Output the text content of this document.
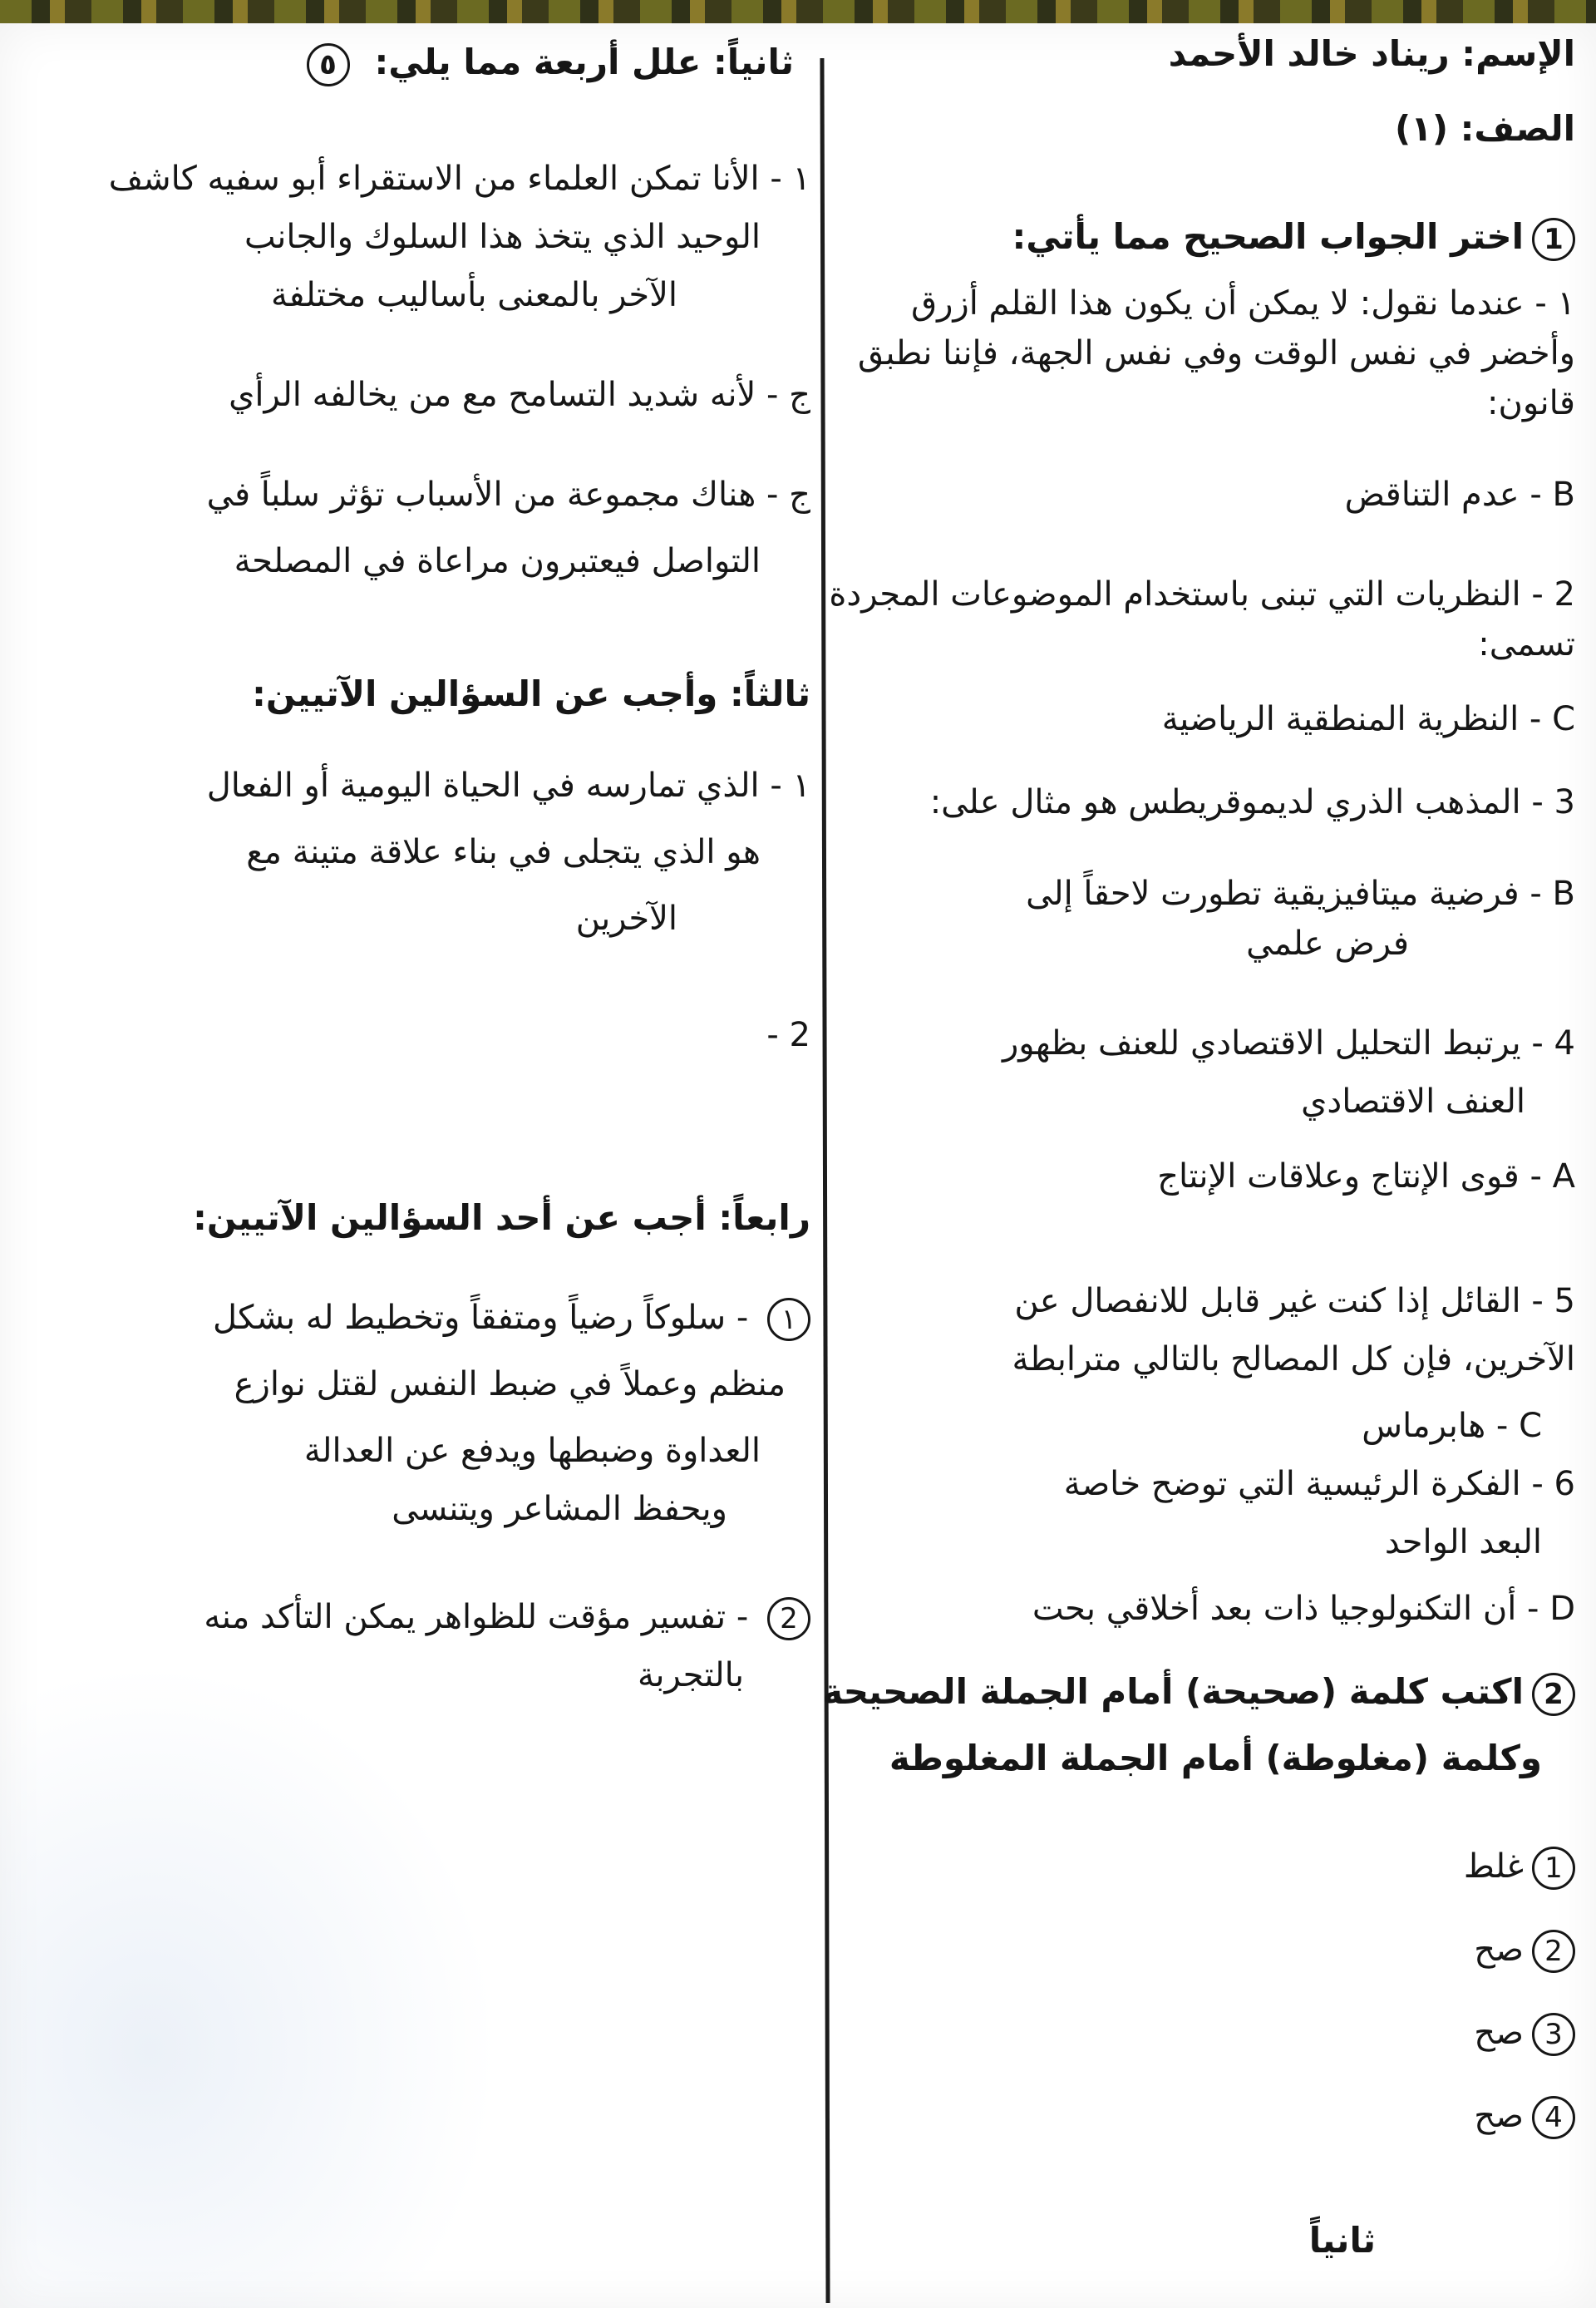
الإسم: ريناد خالد الأحمد
الصف: (١)
1اختر الجواب الصحيح مما يأتي:
١ - عندما نقول: لا يمكن أن يكون هذا القلم أزرق
وأخضر في نفس الوقت وفي نفس الجهة، فإننا نطبق
قانون:
B - عدم التناقض
2 - النظريات التي تبنى باستخدام الموضوعات المجردة
تسمى:
C - النظرية المنطقية الرياضية
3 - المذهب الذري لديموقريطس هو مثال على:
B - فرضية ميتافيزيقية تطورت لاحقاً إلى
فرض علمي
4 - يرتبط التحليل الاقتصادي للعنف بظهور
العنف الاقتصادي
A - قوى الإنتاج وعلاقات الإنتاج
5 - القائل إذا كنت غير قابل للانفصال عن
الآخرين، فإن كل المصالح بالتالي مترابطة
C - هابرماس
6 - الفكرة الرئيسية التي توضح خاصة
البعد الواحد
D - أن التكنولوجيا ذات بعد أخلاقي بحت
2اكتب كلمة (صحيحة) أمام الجملة الصحيحة
وكلمة (مغلوطة) أمام الجملة المغلوطة
1غلط
2صح
3صح
4صح
ثانياً
ثانياً: علل أربعة مما يلي:٥
١ - الأنا تمكن العلماء من الاستقراء أبو سفيه كاشف
الوحيد الذي يتخذ هذا السلوك والجانب
الآخر بالمعنى بأساليب مختلفة
ج - لأنه شديد التسامح مع من يخالفه الرأي
ج - هناك مجموعة من الأسباب تؤثر سلباً في
التواصل فيعتبرون مراعاة في المصلحة
ثالثاً: وأجب عن السؤالين الآتيين:
١ - الذي تمارسه في الحياة اليومية أو الفعال
هو الذي يتجلى في بناء علاقة متينة مع
الآخرين
2 -
رابعاً: أجب عن أحد السؤالين الآتيين:
١ - سلوكاً رضياً ومتفقاً وتخطيط له بشكل
منظم وعملاً في ضبط النفس لقتل نوازع
العداوة وضبطها ويدفع عن العدالة
ويحفظ المشاعر ويتنسى
2 - تفسير مؤقت للظواهر يمكن التأكد منه
بالتجربة
